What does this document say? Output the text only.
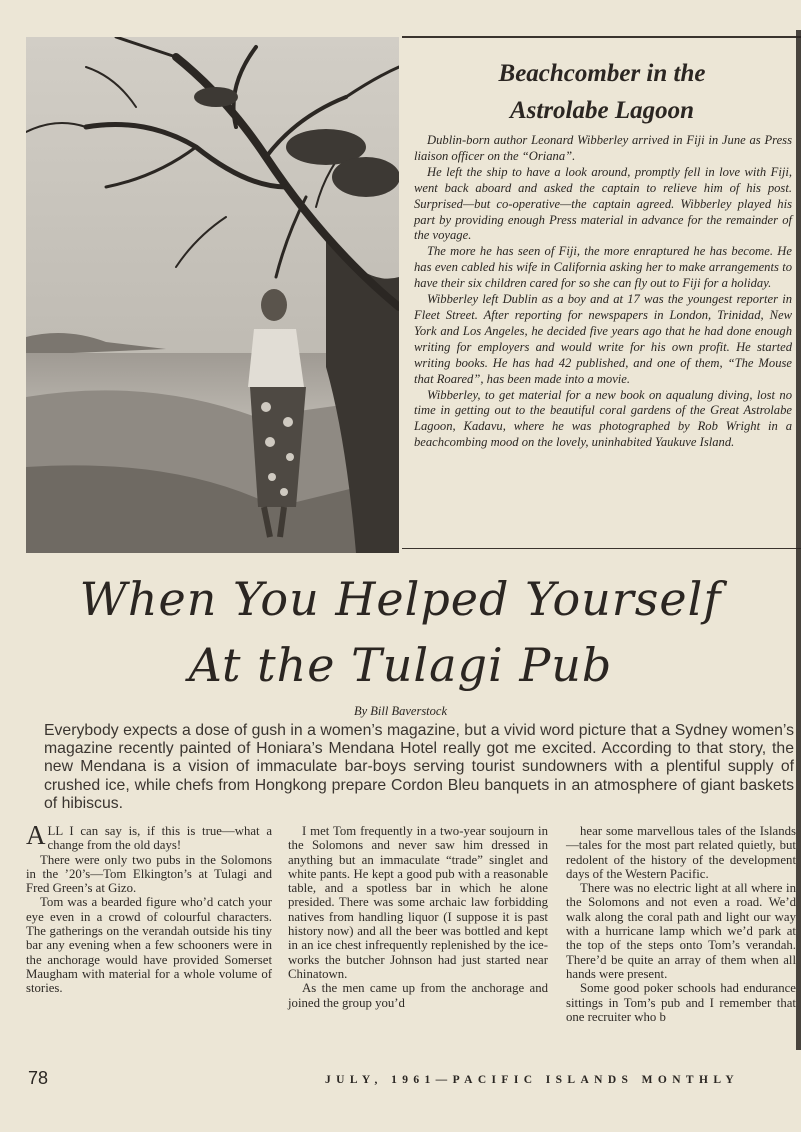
Beachcomber in the
Astrolabe Lagoon

Dublin-born author Leonard Wibberley arrived in Fiji in June as Press liaison officer on the “Oriana”.

He left the ship to have a look around, promptly fell in love with Fiji, went back aboard and asked the captain to relieve him of his post. Surprised—but co-operative—the captain agreed. Wibberley played his part by providing enough Press material in advance for the remainder of the voyage.

The more he has seen of Fiji, the more enraptured he has become. He has even cabled his wife in California asking her to make arrangements to have their six children cared for so she can fly out to Fiji for a holiday.

Wibberley left Dublin as a boy and at 17 was the youngest reporter in Fleet Street. After reporting for newspapers in London, Trinidad, New York and Los Angeles, he decided five years ago that he had done enough writing for employers and would write for his own profit. He started writing books. He has had 42 published, and one of them, “The Mouse that Roared”, has been made into a movie.

Wibberley, to get material for a new book on aqualung diving, lost no time in getting out to the beautiful coral gardens of the Great Astrolabe Lagoon, Kadavu, where he was photographed by Rob Wright in a beachcombing mood on the lovely, uninhabited Yaukuve Island.

When You Helped Yourself
At the Tulagi Pub
By Bill Baverstock
Everybody expects a dose of gush in a women’s magazine, but a vivid word picture that a Sydney women’s magazine recently painted of Honiara’s Mendana Hotel really got me excited. According to that story, the new Mendana is a vision of immaculate bar-boys serving tourist sundowners with a plentiful supply of crushed ice, while chefs from Hongkong prepare Cordon Bleu banquets in an atmosphere of giant baskets of hibiscus.

ALL I can say is, if this is true—what a change from the old days!

There were only two pubs in the Solomons in the ’20’s—Tom Elkington’s at Tulagi and Fred Green’s at Gizo.

Tom was a bearded figure who’d catch your eye even in a crowd of colourful characters. The gatherings on the verandah outside his tiny bar any evening when a few schooners were in the anchorage would have provided Somerset Maugham with material for a whole volume of stories.

I met Tom frequently in a two-year soujourn in the Solomons and never saw him dressed in anything but an immaculate “trade” singlet and white pants. He kept a good pub with a reasonable table, and a spotless bar in which he alone presided. There was some archaic law forbidding natives from handling liquor (I suppose it is past history now) and all the beer was bottled and kept in an ice chest infrequently replenished by the ice-works the butcher Johnson had just started near Chinatown.

As the men came up from the anchorage and joined the group you’d

hear some marvellous tales of the Islands—tales for the most part related quietly, but redolent of the history of the development days of the Western Pacific.

There was no electric light at all where in the Solomons and not even a road. We’d walk along the coral path and light our way with a hurricane lamp which we’d park at the top of the steps onto Tom’s verandah. There’d be quite an array of them when all hands were present.

Some good poker schools had endurance sittings in Tom’s pub and I remember that one recruiter who b

78	JULY, 1961—PACIFIC ISLANDS MONTHLY
